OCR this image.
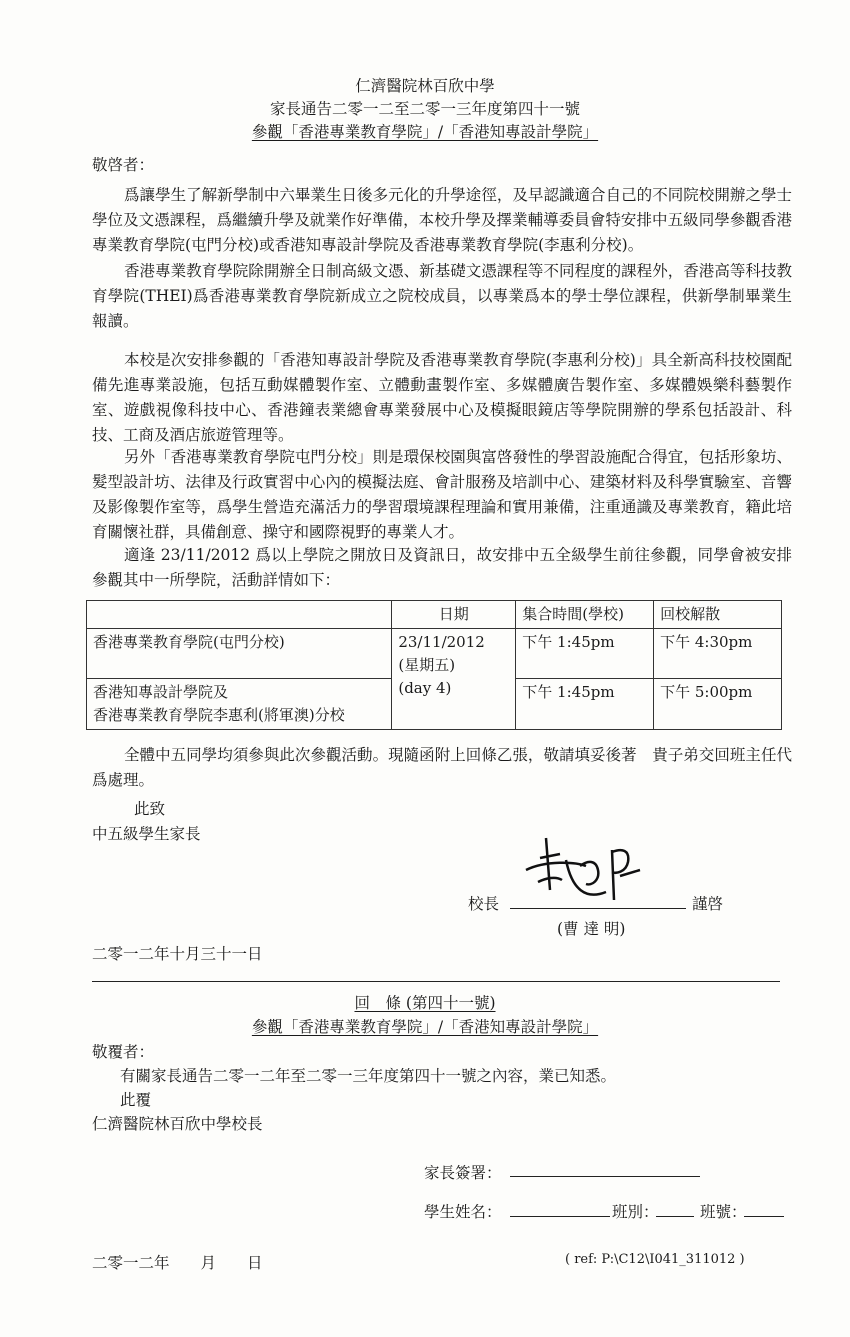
仁濟醫院林百欣中學
家長通告二零一二至二零一三年度第四十一號
參觀「香港專業教育學院」/「香港知專設計學院」
敬啓者：

爲讓學生了解新學制中六畢業生日後多元化的升學途徑，及早認識適合自己的不同院校開辦之學士學位及文憑課程，爲繼續升學及就業作好準備，本校升學及擇業輔導委員會特安排中五級同學參觀香港專業教育學院(屯門分校)或香港知專設計學院及香港專業教育學院(李惠利分校)。

香港專業教育學院除開辦全日制高級文憑、新基礎文憑課程等不同程度的課程外，香港高等科技教育學院(THEI)爲香港專業教育學院新成立之院校成員，以專業爲本的學士學位課程，供新學制畢業生報讀。

本校是次安排參觀的「香港知專設計學院及香港專業教育學院(李惠利分校)」具全新高科技校園配備先進專業設施，包括互動媒體製作室、立體動畫製作室、多媒體廣告製作室、多媒體娛樂科藝製作室、遊戲視像科技中心、香港鐘表業總會專業發展中心及模擬眼鏡店等學院開辦的學系包括設計、科技、工商及酒店旅遊管理等。

另外「香港專業教育學院屯門分校」則是環保校園與富啓發性的學習設施配合得宜，包括形象坊、髮型設計坊、法律及行政實習中心內的模擬法庭、會計服務及培訓中心、建築材料及科學實驗室、音響及影像製作室等，爲學生營造充滿活力的學習環境課程理論和實用兼備，注重通識及專業教育，籍此培育關懷社群，具備創意、操守和國際視野的專業人才。

適逢 23/11/2012 爲以上學院之開放日及資訊日，故安排中五全級學生前往參觀，同學會被安排參觀其中一所學院，活動詳情如下：

	日期	集合時間(學校)	回校解散
香港專業教育學院(屯門分校)	23/11/2012
(星期五)
(day 4)	下午 1:45pm	下午 4:30pm

香港知專設計學院及
香港專業教育學院李惠利(將軍澳)分校		下午 1:45pm	下午 5:00pm

全體中五同學均須參與此次參觀活動。現隨函附上回條乙張，敬請填妥後著　貴子弟交回班主任代爲處理。

此致
中五級學生家長
校長	謹啓
(曹 達 明)
二零一二年十月三十一日
回　條 (第四十一號)
參觀「香港專業教育學院」/「香港知專設計學院」
敬覆者：
有關家長通告二零一二年至二零一三年度第四十一號之內容，業已知悉。
此覆
仁濟醫院林百欣中學校長
家長簽署：
學生姓名：	班別：	班號：
二零一二年　　月　　日	( ref: P:\C12\I041_311012 )
